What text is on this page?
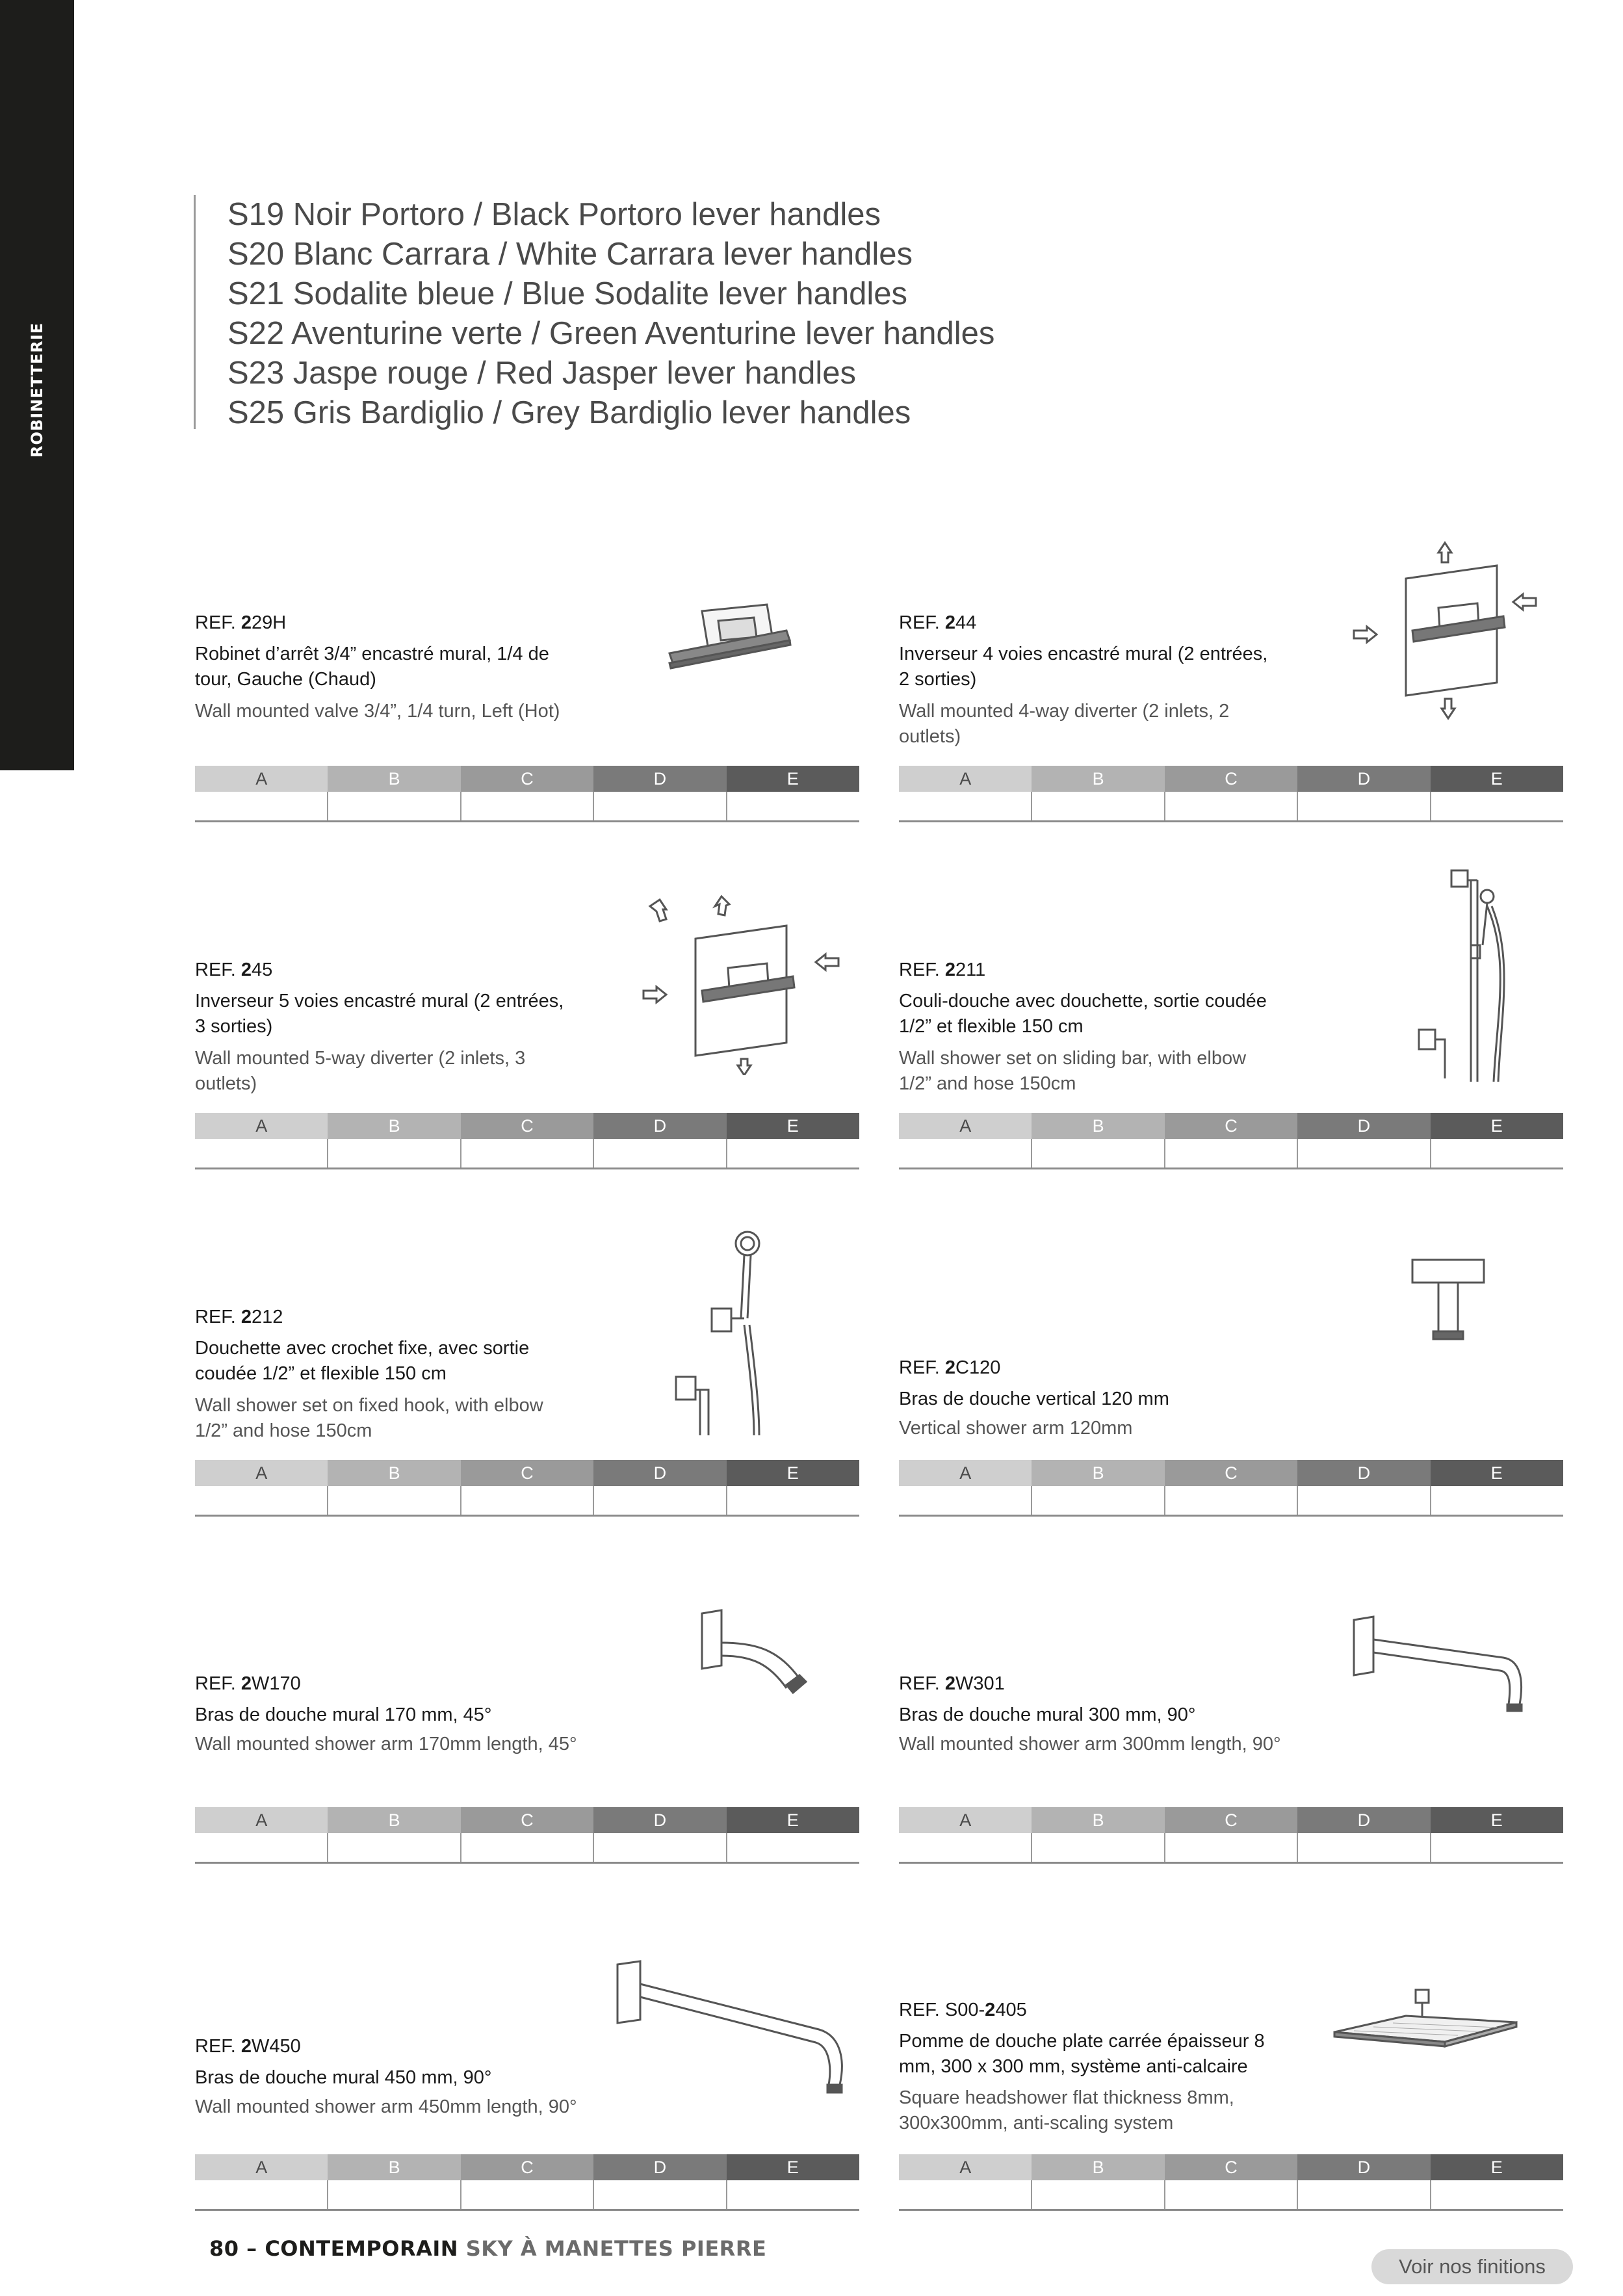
ROBINETTERIE
S19 Noir Portoro / Black Portoro lever handles
S20 Blanc Carrara / White Carrara lever handles
S21 Sodalite bleue / Blue Sodalite lever handles
S22 Aventurine verte / Green Aventurine lever handles
S23 Jaspe rouge / Red Jasper lever handles
S25 Gris Bardiglio / Grey Bardiglio lever handles
REF. 229H
Robinet d’arrêt 3/4” encastré mural, 1/4 de tour, Gauche (Chaud)
Wall mounted valve 3/4”, 1/4 turn, Left (Hot)
A	B	C	D	E

REF. 244
Inverseur 4 voies encastré mural (2 entrées, 2 sorties)
Wall mounted 4-way diverter (2 inlets, 2 outlets)
A	B	C	D	E

REF. 245
Inverseur 5 voies encastré mural (2 entrées, 3 sorties)
Wall mounted 5-way diverter (2 inlets, 3 outlets)
A	B	C	D	E

REF. 2211
Couli-douche avec douchette, sortie coudée 1/2” et flexible 150 cm
Wall shower set on sliding bar, with elbow 1/2” and hose 150cm
A	B	C	D	E

REF. 2212
Douchette avec crochet fixe, avec sortie coudée 1/2” et flexible 150 cm
Wall shower set on fixed hook, with elbow 1/2” and hose 150cm
A	B	C	D	E

REF. 2C120
Bras de douche vertical 120 mm
Vertical shower arm 120mm
A	B	C	D	E

REF. 2W170
Bras de douche mural 170 mm, 45°
Wall mounted shower arm 170mm length, 45°
A	B	C	D	E

REF. 2W301
Bras de douche mural 300 mm, 90°
Wall mounted shower arm 300mm length, 90°
A	B	C	D	E

REF. 2W450
Bras de douche mural 450 mm, 90°
Wall mounted shower arm 450mm length, 90°
A	B	C	D	E

REF. S00-2405
Pomme de douche plate carrée épaisseur 8 mm, 300 x 300 mm, système anti-calcaire
Square headshower flat thickness 8mm, 300x300mm, anti-scaling system
A	B	C	D	E

80 – CONTEMPORAIN SKY À MANETTES PIERRE
Voir nos finitions
